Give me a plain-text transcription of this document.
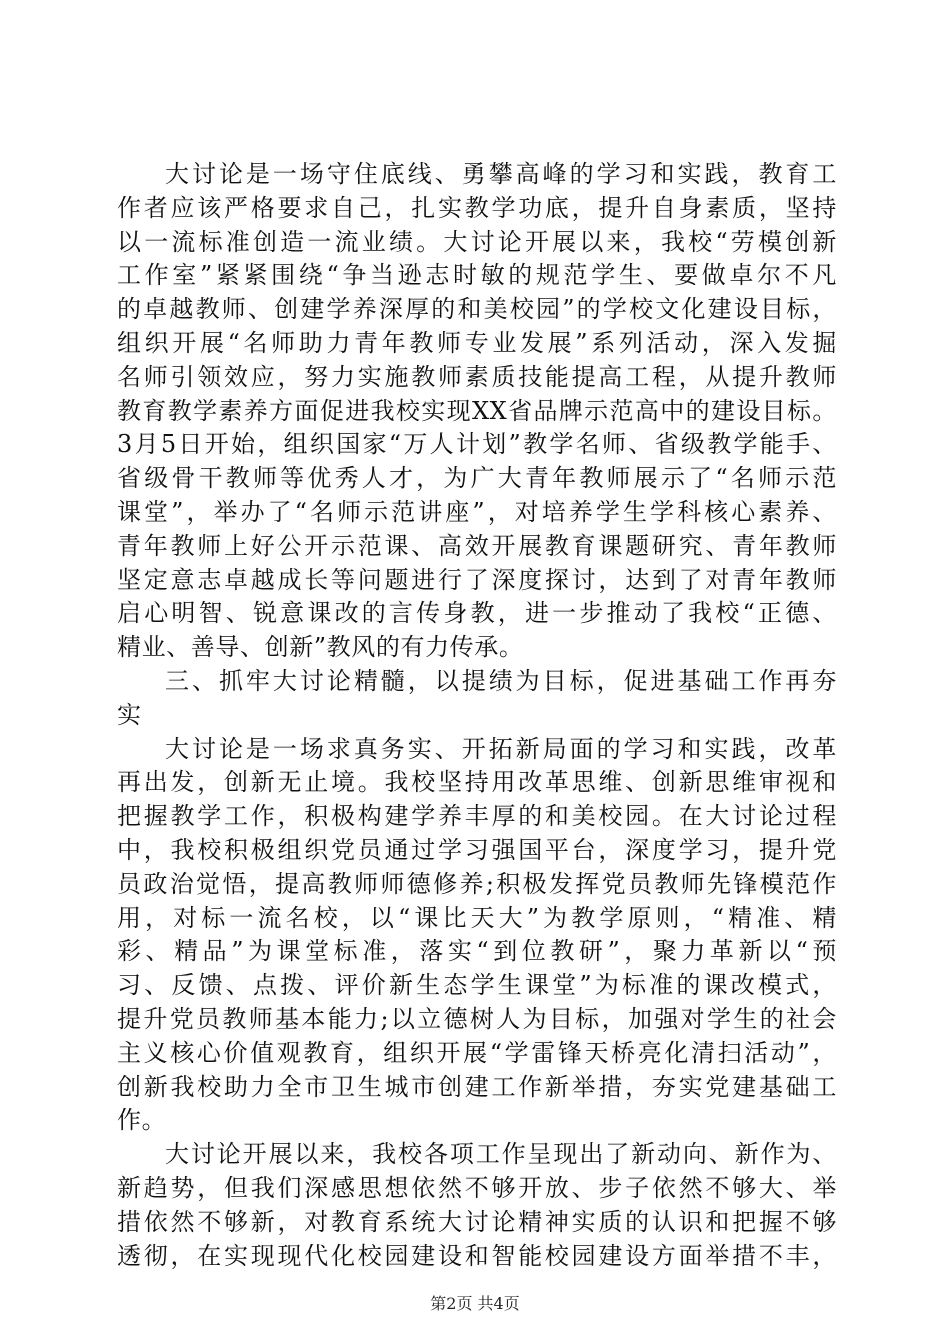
大讨论是一场守住底线、勇攀高峰的学习和实践，教育工
作者应该严格要求自己，扎实教学功底，提升自身素质，坚持
以一流标准创造一流业绩。大讨论开展以来，我校“劳模创新
工作室”紧紧围绕“争当逊志时敏的规范学生、要做卓尔不凡
的卓越教师、创建学养深厚的和美校园”的学校文化建设目标，
组织开展“名师助力青年教师专业发展”系列活动，深入发掘
名师引领效应，努力实施教师素质技能提高工程，从提升教师
教育教学素养方面促进我校实现XX省品牌示范高中的建设目标。
3月5日开始，组织国家“万人计划”教学名师、省级教学能手、
省级骨干教师等优秀人才，为广大青年教师展示了“名师示范
课堂”，举办了“名师示范讲座”，对培养学生学科核心素养、
青年教师上好公开示范课、高效开展教育课题研究、青年教师
坚定意志卓越成长等问题进行了深度探讨，达到了对青年教师
启心明智、锐意课改的言传身教，进一步推动了我校“正德、
精业、善导、创新”教风的有力传承。
三、抓牢大讨论精髓，以提绩为目标，促进基础工作再夯
实
大讨论是一场求真务实、开拓新局面的学习和实践，改革
再出发，创新无止境。我校坚持用改革思维、创新思维审视和
把握教学工作，积极构建学养丰厚的和美校园。在大讨论过程
中，我校积极组织党员通过学习强国平台，深度学习，提升党
员政治觉悟，提高教师师德修养;积极发挥党员教师先锋模范作
用，对标一流名校，以“课比天大”为教学原则，“精准、精
彩、精品”为课堂标准，落实“到位教研”，聚力革新以“预
习、反馈、点拨、评价新生态学生课堂”为标准的课改模式，
提升党员教师基本能力;以立德树人为目标，加强对学生的社会
主义核心价值观教育，组织开展“学雷锋天桥亮化清扫活动”，
创新我校助力全市卫生城市创建工作新举措，夯实党建基础工
作。
大讨论开展以来，我校各项工作呈现出了新动向、新作为、
新趋势，但我们深感思想依然不够开放、步子依然不够大、举
措依然不够新，对教育系统大讨论精神实质的认识和把握不够
透彻，在实现现代化校园建设和智能校园建设方面举措不丰，
第2页 共4页
